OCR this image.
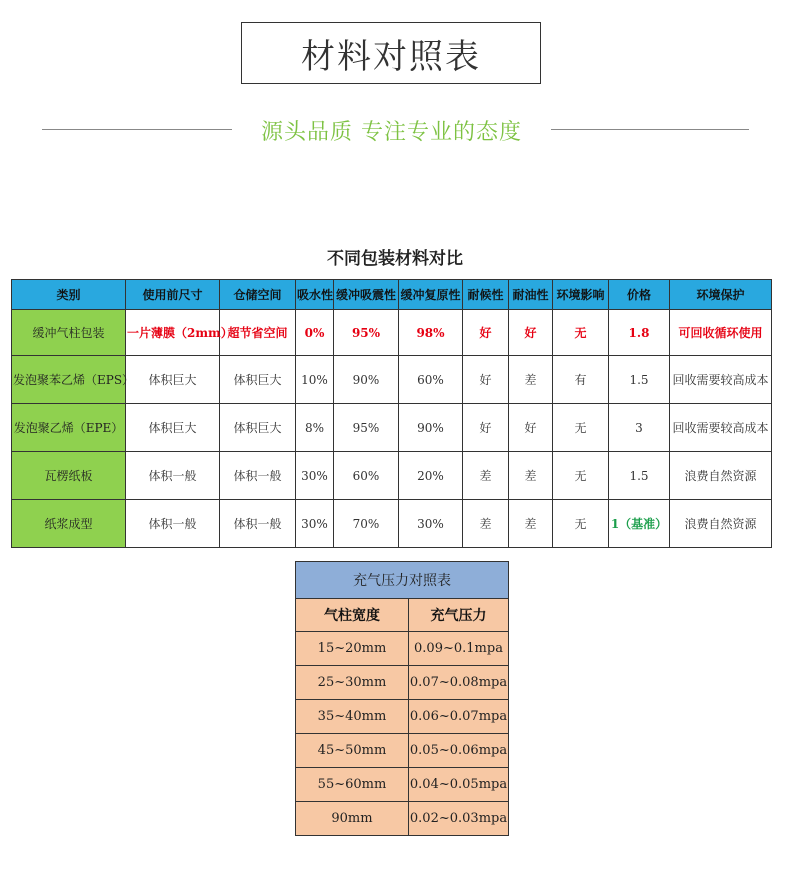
材料对照表
源头品质 专注专业的态度
不同包装材料对比
类别	使用前尺寸	仓储空间	吸水性	缓冲吸震性	缓冲复原性	耐候性	耐油性	环境影响	价格	环境保护
缓冲气柱包装	一片薄膜（2mm）	超节省空间	0%	95%	98%	好	好	无	1.8	可回收循环使用
发泡聚苯乙烯（EPS）	体积巨大	体积巨大	10%	90%	60%	好	差	有	1.5	回收需要较高成本
发泡聚乙烯（EPE）	体积巨大	体积巨大	8%	95%	90%	好	好	无	3	回收需要较高成本
瓦楞纸板	体积一般	体积一般	30%	60%	20%	差	差	无	1.5	浪费自然资源
纸浆成型	体积一般	体积一般	30%	70%	30%	差	差	无	1（基准）	浪费自然资源
充气压力对照表	
气柱宽度	充气压力
15~20mm	0.09~0.1mpa
25~30mm	0.07~0.08mpa
35~40mm	0.06~0.07mpa
45~50mm	0.05~0.06mpa
55~60mm	0.04~0.05mpa
90mm	0.02~0.03mpa
